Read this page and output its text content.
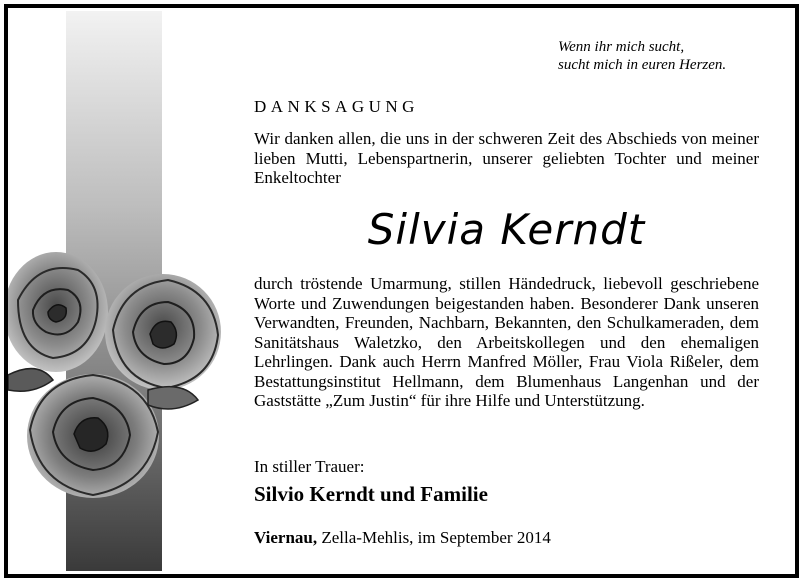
Wenn ihr mich sucht,
sucht mich in euren Herzen.
DANKSAGUNG
Wir danken allen, die uns in der schweren Zeit des Abschieds von meiner lieben Mutti, Lebenspartnerin, unserer geliebten Tochter und meiner Enkeltochter
Silvia Kerndt
durch tröstende Umarmung, stillen Händedruck, liebevoll geschriebene Worte und Zuwendungen beigestanden haben. Besonderer Dank unseren Verwandten, Freunden, Nachbarn, Bekannten, den Schulkameraden, dem Sanitätshaus Waletzko, den Arbeitskollegen und den ehemaligen Lehrlingen. Dank auch Herrn Manfred Möller, Frau Viola Rißeler, dem Bestattungsinstitut Hellmann, dem Blumenhaus Langenhan und der Gaststätte „Zum Justin“ für ihre Hilfe und Unterstützung.
In stiller Trauer:
Silvio Kerndt und Familie
Viernau, Zella-Mehlis, im September 2014
